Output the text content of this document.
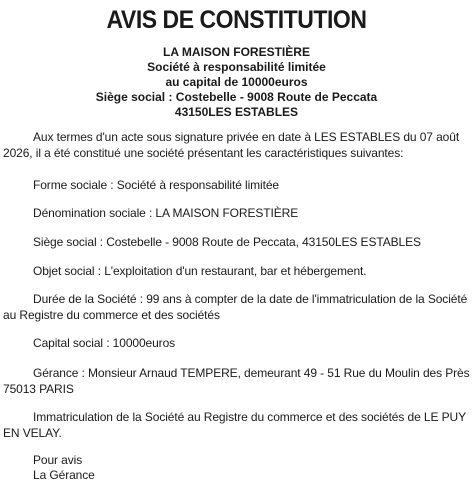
AVIS DE CONSTITUTION
LA MAISON FORESTIÈRE
Société à responsabilité limitée
au capital de 10000euros
Siège social : Costebelle - 9008 Route de Peccata
43150LES ESTABLES

Aux termes d'un acte sous signature privée en date à LES ESTABLES du 07 août 2026, il a été constitué une société présentant les caractéristiques suivantes:

Forme sociale : Société à responsabilité limitée
Dénomination sociale : LA MAISON FORESTIÈRE
Siège social : Costebelle - 9008 Route de Peccata, 43150LES ESTABLES
Objet social : L'exploitation d'un restaurant, bar et hébergement.

Durée de la Société : 99 ans à compter de la date de l'immatriculation de la Société au Registre du commerce et des sociétés

Capital social : 10000euros

Gérance : Monsieur Arnaud TEMPERE, demeurant 49 - 51 Rue du Moulin des Près 75013 PARIS

Immatriculation de la Société au Registre du commerce et des sociétés de LE PUY EN VELAY.

Pour avis
La Gérance
